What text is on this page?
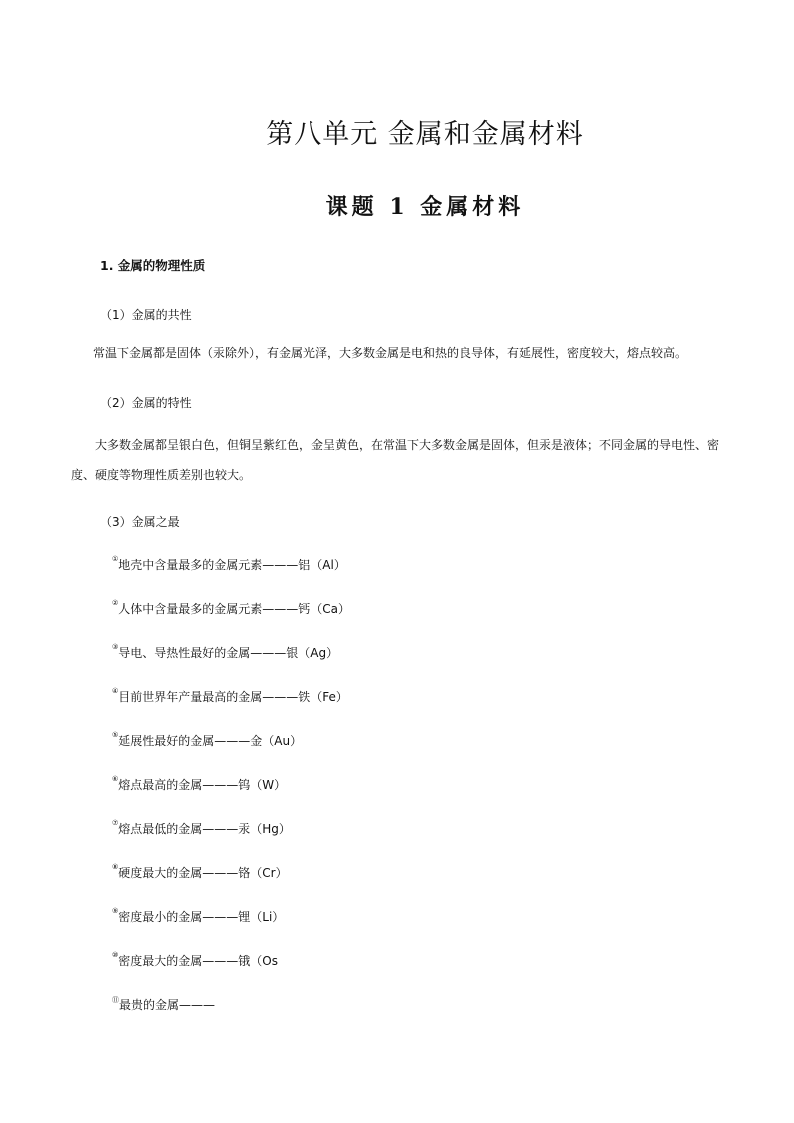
第八单元 金属和金属材料
课题 1 金属材料
1. 金属的物理性质
（1）金属的共性
常温下金属都是固体（汞除外），有金属光泽，大多数金属是电和热的良导体，有延展性，密度较大，熔点较高。
（2）金属的特性
大多数金属都呈银白色，但铜呈紫红色，金呈黄色，在常温下大多数金属是固体，但汞是液体；不同金属的导电性、密度、硬度等物理性质差别也较大。
（3）金属之最
①地壳中含量最多的金属元素———铝（Al）
②人体中含量最多的金属元素———钙（Ca）
③导电、导热性最好的金属———银（Ag）
④目前世界年产量最高的金属———铁（Fe）
⑤延展性最好的金属———金（Au）
⑥熔点最高的金属———钨（W）
⑦熔点最低的金属———汞（Hg）
⑧硬度最大的金属———铬（Cr）
⑨密度最小的金属———锂（Li）
⑩密度最大的金属———锇（Os
⑪最贵的金属———
